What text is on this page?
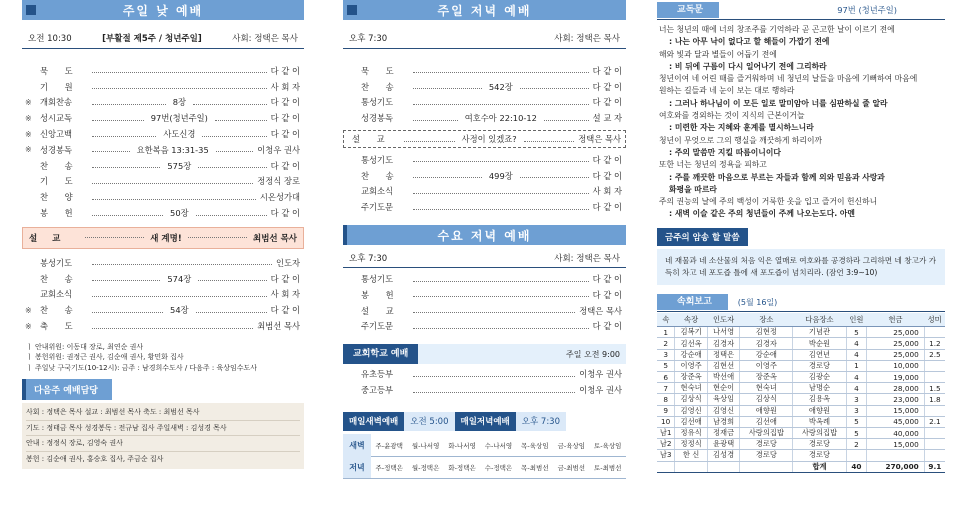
주일 낮 예배
오전 10:30	[부활절 제5주 / 청년주일]	사회: 정택은 목사
묵 도	다 같 이
기 원	사 회 자
※ 개회찬송	8장	다 같 이
※ 성시교독	97번(청년주일)	다 같 이
※ 신앙고백	사도신경	다 같 이
※ 성경봉독	요한복음 13:31-35	이청우 권사
찬 송	575장	다 같 이
기 도	정정식 장로
찬 양	시온성가대
봉 헌	50장	다 같 이
설 교	새 계명!	최범선 목사
봉성기도	인도자
찬 송	574장	다 같 이
교회소식	사 회 자
※ 찬 송	54장	다 같 이
※ 축 도	최범선 목사
ㅣ 안내위원: 이동대 장로, 최연순 권사
ㅣ 봉헌위원: 권정근 권사, 김순애 권사, 황민화 집사
ㅣ 주일낮 구국기도(10-12시): 금주 : 남경희수도사 / 다음주 : 육상임수도사
다음주 예배담당
사회 : 정택은 목사 설교 : 최범선 목사 축도 : 최범선 목사
기도 : 정태금 목사 성경봉독 : 전규남 집사 주일새벽 : 김성경 목사
안내 : 정정식 장로, 김영숙 권사
봉헌 : 김순애 권사, 홍승호 집사, 주금순 집사
주일 저녁 예배
오후 7:30	사회: 정택은 목사
묵 도	다 같 이
찬 송	542장	다 같 이
통성기도	다 같 이
성경봉독	여호수아 22:10-12	설 교 자
설 교	사정이 있겠죠?	정택은 목사
통성기도	다 같 이
찬 송	499장	다 같 이
교회소식	사 회 자
주기도문	다 같 이
수요 저녁 예배
오후 7:30	사회: 정택은 목사
통성기도	다 같 이
봉 헌	다 같 이
설 교	정택은 목사
주기도문	다 같 이
교회학교 예배	주일 오전 9:00
유초등부	이청우 권사
중고등부	이청우 권사
매일새벽예배	오전 5:00	매일저녁예배	오후 7:30
새벽	주-윤광택	월-나서영	화-나서영	수-나서영	목-육상임	금-육상임	토-육상임
저녁	주-정택은	월-정택은	화-정택은	수-정택은	목-최범선	금-최범선	토-최범선
교독문	97번 (청년주일)
너는 청년의 때에 너의 창조주를 기억하라 곧 곤고한 날이 이르기 전에
: 나는 아무 낙이 없다고 할 해들이 가깝기 전에
해와 빛과 달과 별들이 어둡기 전에
: 비 뒤에 구름이 다시 일어나기 전에 그리하라
청년이여 네 어린 때를 즐거워하며 네 청년의 날들을 마음에 기뻐하여 마음에
원하는 길들과 네 눈이 보는 대로 행하라
: 그러나 하나님이 이 모든 일로 말미암아 너를 심판하실 줄 알라
여호와를 경외하는 것이 지식의 근본이거늘
: 미련한 자는 지혜와 훈계를 멸시하느니라
청년이 무엇으로 그의 행실을 깨끗하게 하리이까
: 주의 말씀만 지킬 따름이니이다
또한 너는 청년의 정욕을 피하고
: 주를 깨끗한 마음으로 부르는 자들과 함께 의와 믿음과 사랑과
화평을 따르라
주의 권능의 날에 주의 백성이 거룩한 옷을 입고 즐거이 헌신하니
: 새벽 이슬 같은 주의 청년들이 주께 나오는도다. 아멘
금주의 암송 할 말씀
네 재물과 네 소산물의 처음 익은 열매로 여호와를 공경하라 그리하면 네 창고가 가득히 차고 네 포도즙 틀에 새 포도즙이 넘치리라. (잠언 3:9~10)
속회보고	(5월 16일)
속	속장	인도자	장소	다음장소	인원	헌금	성미
1	김복기	나서영	김현정	기념관	5	25,000	
2	김선옥	김경자	김경자	박순원	4	25,000	1.2
3	강순애	정택은	강순애	김연년	4	25,000	2.5
5	이영주	김현선	이영주	경로당	1	10,000	
6	장준옥	박선애	장준옥	김광순	4	19,000	
7	현숙녀	현순이	현숙녀	남명순	4	28,000	1.5
8	김상식	육상임	김상식	김용옥	3	23,000	1.8
9	김영신	김영신	애향원	애향원	3	15,000	
10	김선애	남경희	김선애	박옥례	5	45,000	2.1
남1	정유식	정재금	사랑의집밥	사랑의집밥	5	40,000	
남2	정정식	윤광택	경로당	경로당	2	15,000	
남3	한 신	김성경	경로당	경로당			
				합계	40	270,000	9.1
